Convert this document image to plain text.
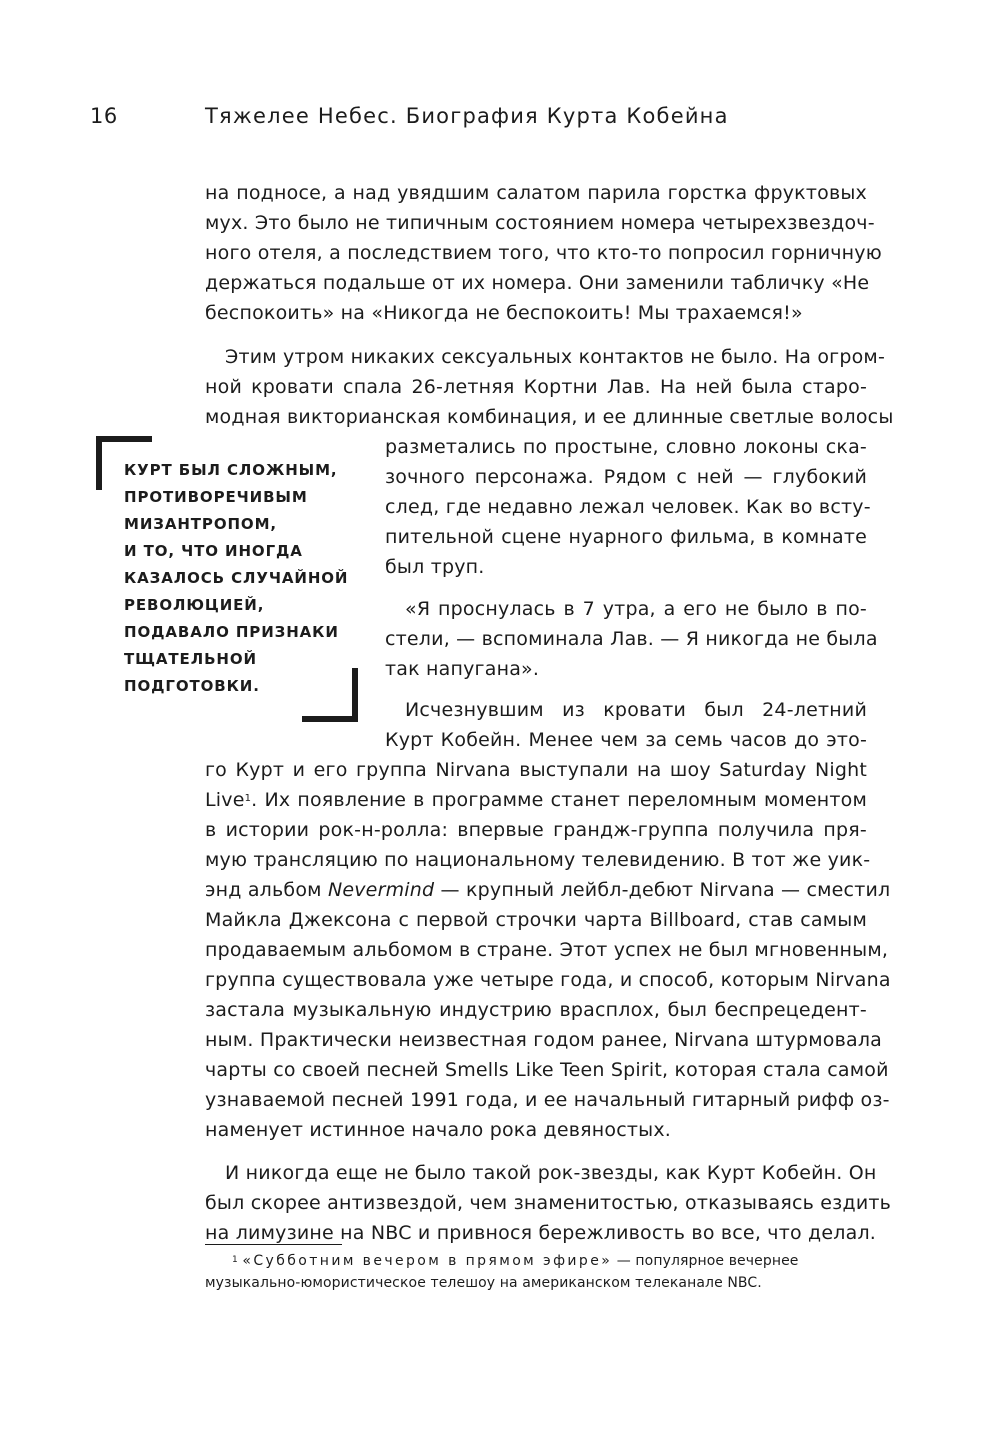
16	Тяжелее Небес. Биография Курта Кобейна
на подносе, а над увядшим салатом парила горстка фруктовых
мух. Это было не типичным состоянием номера четырехзвездоч-
ного отеля, а последствием того, что кто-то попросил горничную
держаться подальше от их номера. Они заменили табличку «Не
беспокоить» на «Никогда не беспокоить! Мы трахаемся!»
Этим утром никаких сексуальных контактов не было. На огром-
ной кровати спала 26-летняя Кортни Лав. На ней была старо-
модная викторианская комбинация, и ее длинные светлые волосы
разметались по простыне, словно локоны ска-
зочного персонажа. Рядом с ней — глубокий
след, где недавно лежал человек. Как во всту-
пительной сцене нуарного фильма, в комнате
был труп.
«Я проснулась в 7 утра, а его не было в по-
стели, — вспоминала Лав. — Я никогда не была
так напугана».
Исчезнувшим из кровати был 24-летний
Курт Кобейн. Менее чем за семь часов до это-
го Курт и его группа Nirvana выступали на шоу Saturday Night
Live$^1$. Их появление в программе станет переломным моментом
в истории рок-н-ролла: впервые грандж-группа получила пря-
мую трансляцию по национальному телевидению. В тот же уик-
энд альбом Nevermind — крупный лейбл-дебют Nirvana — сместил
Майкла Джексона с первой строчки чарта Billboard, став самым
продаваемым альбомом в стране. Этот успех не был мгновенным,
группа существовала уже четыре года, и способ, которым Nirvana
застала музыкальную индустрию врасплох, был беспрецедент-
ным. Практически неизвестная годом ранее, Nirvana штурмовала
чарты со своей песней Smells Like Teen Spirit, которая стала самой
узнаваемой песней 1991 года, и ее начальный гитарный рифф оз-
наменует истинное начало рока девяностых.
И никогда еще не было такой рок-звезды, как Курт Кобейн. Он
был скорее антизвездой, чем знаменитостью, отказываясь ездить
на лимузине на NBC и привнося бережливость во все, что делал.
КУРТ БЫЛ СЛОЖНЫМ,
ПРОТИВОРЕЧИВЫМ
МИЗАНТРОПОМ,
И ТО, ЧТО ИНОГДА
КАЗАЛОСЬ СЛУЧАЙНОЙ
РЕВОЛЮЦИЕЙ,
ПОДАВАЛО ПРИЗНАКИ
ТЩАТЕЛЬНОЙ
ПОДГОТОВКИ.
$^1$ «Субботним вечером в прямом эфире» — популярное вечернее
музыкально-юмористическое телешоу на американском телеканале NBC.
